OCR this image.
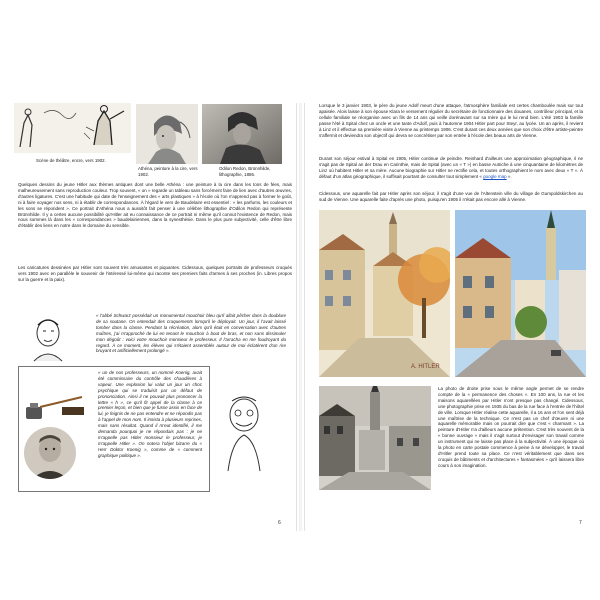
Scène de théâtre, encre, vers 1902.
Athéna, peinture à la cire, vers 1902.
Odilon Redon, Brünnhilde, lithographie, 1886.
Quelques dessins du jeune Hitler aux thèmes antiques dont une belle Athéna : une peinture à la cire dans les tons de fées, mais malheureusement sans reproduction couleur. Trop souvent, « on » regarde un tableau sans forcément faire de lien avec d'autres œuvres, d'autres ligatures. C'est une habitude qui date de l'enseignement des « arts plastiques » à l'école où l'on n'apprend pas à former le goût, ni à faire voyager nos sens, ni à établir de correspondances. À l'égard le vers de Baudelaire est essentiel : « les parfums, les couleurs et les sons se répondent ». Ce portrait d'Athéna nous a aussitôt fait penser à une célèbre lithographie d'Odilon Redon qui représente Brünnhilde. Il y a certes aucune possibilité qu'Hitler ait eu connaissance de ce portrait ni même qu'il connut l'existence de Redon, mais nous sommes là dans les « correspondances » baudelairiennes, dans la synesthésie. Dans le plus pure subjectivité, celle d'être libre d'établir des liens en notre dans le domaine du sensible.
Les caricatures dessinées par Hitler sont souvent très amusantes et piquantes. Cidessous, quelques portraits de professeurs croqués vers 1902 avec en parallèle le souvenir de l'intéressé lui-même qui raconte ses premiers faits d'armes à ses proches (in. Libres propos sur la guerre et la paix).
« l'abbé Schwarz possédait un monumental mouchoir bleu qu'il allait pêcher dans la doublure de sa soutane. On entendait des craquements lorsqu'il le déployait. Un jour, il l'avait laissé tomber dans la classe. Pendant la récréation, alors qu'il était en conversation avec d'autres maîtres, j'ai m'approché de lui en tenant le mouchoir à bout de bras, et non sans dissimuler mon dégoût : voici votre mouchoir monsieur le professeur. Il l'arracha en me foudroyant du regard. À ce moment, les élèves qui s'étaient assemblés autour de moi éclatèrent d'un rire bruyant et artificiellement prolongé ».
« un de nos professeurs, un nommé Koenig, avait été commissaire du contrôle des chaudières à vapeur. Une explosion lui valut un jour un choc psychique qui se traduisit par un défaut de prononciation. Ainsi il ne pouvait plus prononcer la lettre « h », ce qu'il fit appel de la classe à ce premier leçon, et bien que je fusse assis en face de lui, je feignis de ne pas entendre et ne répondis pas à l'appel de mon nom. Il insista à plusieurs reprises, mais sans résultat. Quand il m'eut identifié, il me demanda pourquoi je ne répondais pas : je ne m'appelle pas Hitler monsieur le professeur, je m'appelle Hitler ». On notera l'objet bizarre du « Herr Doktor Koenig », comme de « comment graphique politique ».
6
Lorsque le 3 janvier 1903, le père du jeune Adolf meurt d'une attaque, l'atmosphère familiale est certes chamboulée mais sur tout apaisée. Alois laisse à son épouse Klara le versement régulier du secrétaire de fonctionnaire des douanes, contrôleur principal, et la cellule familiale se réorganise avec un fils de 14 ans qui veille dorénavant sur sa mère qui le lui rend bien. L'été 1903 la famille passe l'été à Spital chez un oncle et une tante d'Adolf, puis à l'automne 1904 Hitler part pour Steyr, au lycée. Un an après, il revient à Linz et il effectue sa première visite à Vienne au printemps 1906. C'est durant ces deux années que son choix d'être artiste-peintre s'affermit et deviendra son objectif qui devra se concrétiser par son entrée à l'école des beaux arts de Vienne.
Durant son séjour estival à Spital en 1905, Hitler continue de peindre. Reinhard d'ailleurs une approximation géographique, il ne s'agit pas de Spital an der Drau en Carinthie, mais de Spital (avec un « T ») en basse Autriche à une cinquantaine de kilomètres de Linz où habitent Hitler et sa mère. Aucune biographie sur Hitler ne rectifie cela, et toutes orthographient le nom avec deux « T ». À défaut d'un atlas géographique, il suffisait pourtant de consulter tout simplement « google map ».
Cidessous, une aquarelle fait par Hitler après son séjour, il s'agit d'une vue de l'Altenstein ville du village de Gumpoldskirchen au sud de Vienne. Une aquarelle faite d'après une photo, puisqu'en 1905 il n'était pas encore allé à Vienne.
A. HITLER
La photo de droite prise sous le même angle permet de se rendre compte de la « permanence des choses ». En 100 ans, la rue et les maisons aquarellées par Hitler n'ont presque pas changé. Cidessous, une photographie prise en 1935 du bas de la rue face à l'entrée de l'hôtel de ville. Lorsque Hitler réalise cette aquarelle, il a 16 ans et l'on sent déjà une maîtrise de la technique. Ce n'est pas un chef d'œuvre ni une aquarelle mémorable mais on pourrait dire que c'est « charmant ». La peinture d'Hitler n'a d'ailleurs aucune prétention. C'est très souvent de la « bonne ouvrage » mais il s'agit surtout d'envisager son travail comme un instrument qui ne laisse pas place à la subjectivité. À une époque où la photo en carte postale commence à peine à se développer, le travail d'Hitler prend toute sa place. Ce n'est véritablement que dans ses croquis de bâtiments et d'architectures « fantasmées » qu'il laissera libre cours à son imagination.
7
